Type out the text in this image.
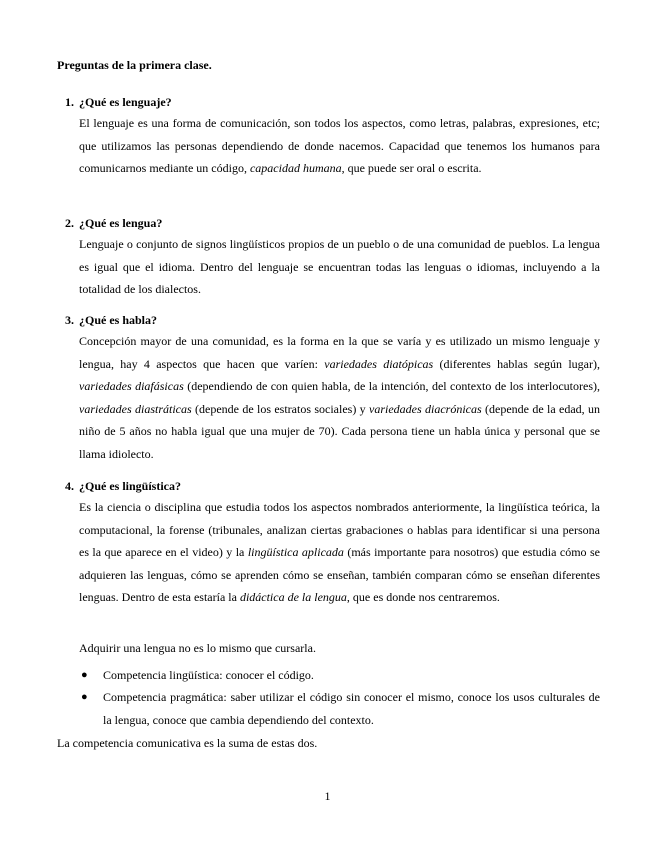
Preguntas de la primera clase.
1. ¿Qué es lenguaje?

El lenguaje es una forma de comunicación, son todos los aspectos, como letras, palabras, expresiones, etc; que utilizamos las personas dependiendo de donde nacemos. Capacidad que tenemos los humanos para comunicarnos mediante un código, capacidad humana, que puede ser oral o escrita.

2. ¿Qué es lengua?

Lenguaje o conjunto de signos lingüísticos propios de un pueblo o de una comunidad de pueblos. La lengua es igual que el idioma. Dentro del lenguaje se encuentran todas las lenguas o idiomas, incluyendo a la totalidad de los dialectos.

3. ¿Qué es habla?

Concepción mayor de una comunidad, es la forma en la que se varía y es utilizado un mismo lenguaje y lengua, hay 4 aspectos que hacen que varíen: variedades diatópicas (diferentes hablas según lugar), variedades diafásicas (dependiendo de con quien habla, de la intención, del contexto de los interlocutores), variedades diastráticas (depende de los estratos sociales) y variedades diacrónicas (depende de la edad, un niño de 5 años no habla igual que una mujer de 70). Cada persona tiene un habla única y personal que se llama idiolecto.

4. ¿Qué es lingüística?

Es la ciencia o disciplina que estudia todos los aspectos nombrados anteriormente, la lingüística teórica, la computacional, la forense (tribunales, analizan ciertas grabaciones o hablas para identificar si una persona es la que aparece en el video) y la lingüística aplicada (más importante para nosotros) que estudia cómo se adquieren las lenguas, cómo se aprenden cómo se enseñan, también comparan cómo se enseñan diferentes lenguas. Dentro de esta estaría la didáctica de la lengua, que es donde nos centraremos.

Adquirir una lengua no es lo mismo que cursarla.
● Competencia lingüística: conocer el código.
● Competencia pragmática: saber utilizar el código sin conocer el mismo, conoce los usos culturales de la lengua, conoce que cambia dependiendo del contexto.
La competencia comunicativa es la suma de estas dos.
1
